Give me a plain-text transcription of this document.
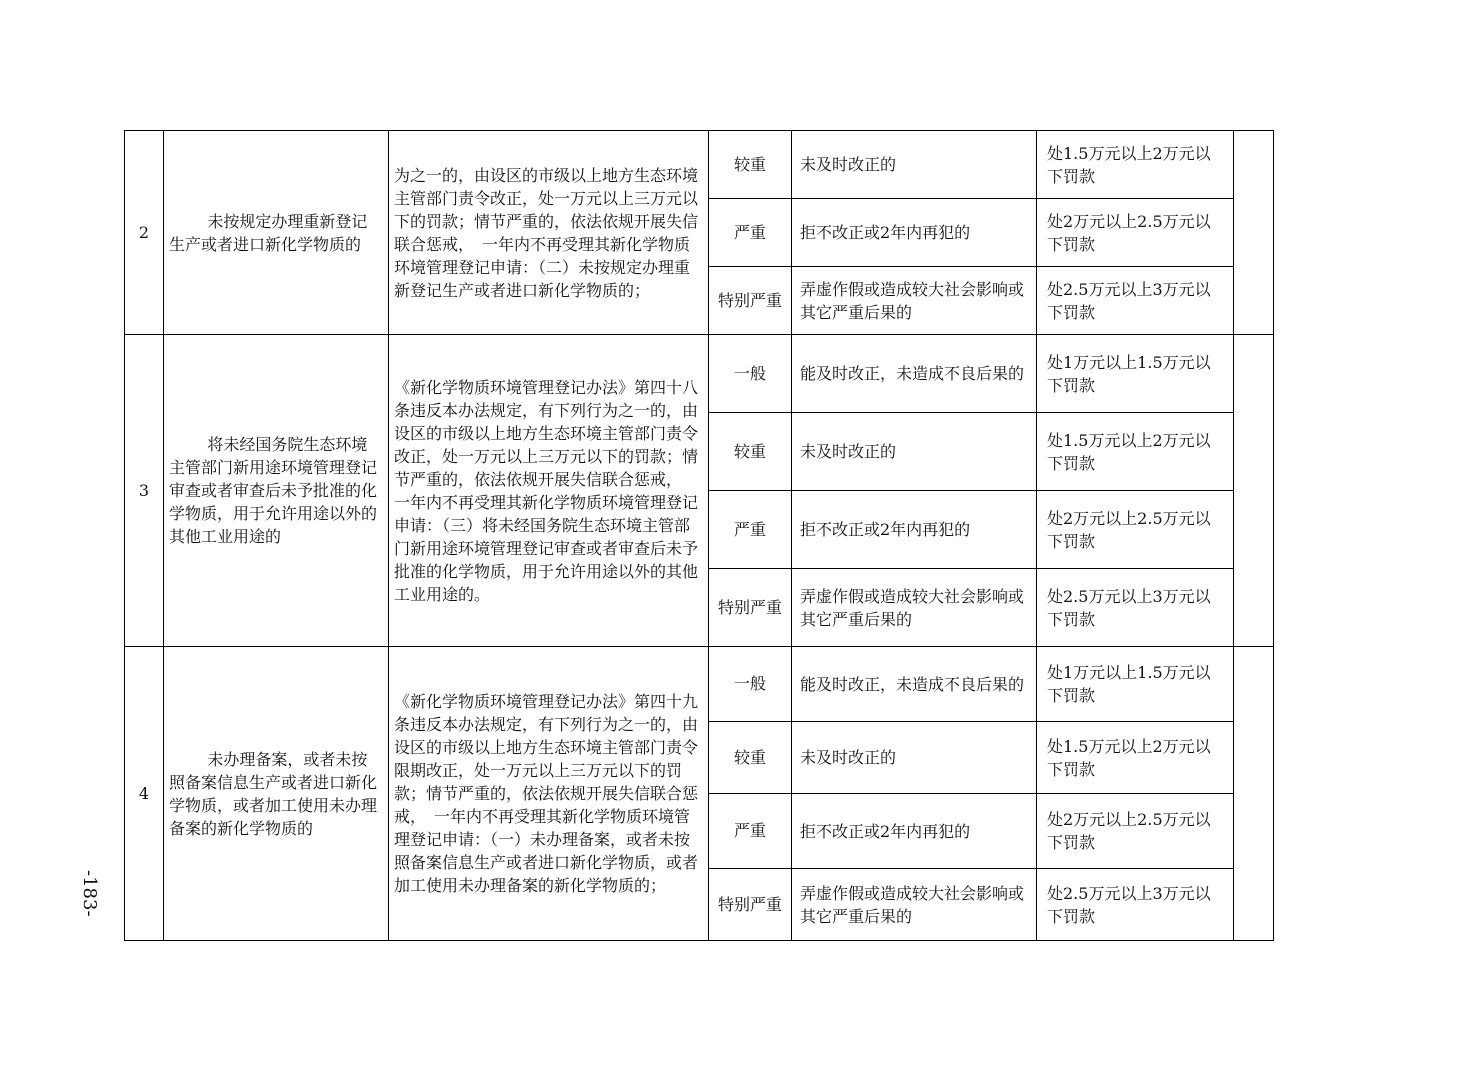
2	未按规定办理重新登记生产或者进口新化学物质的	为之一的，由设区的市级以上地方生态环境主管部门责令改正，处一万元以上三万元以下的罚款；情节严重的，依法依规开展失信联合惩戒，　一年内不再受理其新化学物质环境管理登记申请：（二）未按规定办理重新登记生产或者进口新化学物质的；	较重	未及时改正的	处1.5万元以上2万元以下罚款	
			严重	拒不改正或2年内再犯的	处2万元以上2.5万元以下罚款	
			特别严重	弄虚作假或造成较大社会影响或其它严重后果的	处2.5万元以上3万元以下罚款	
3	将未经国务院生态环境主管部门新用途环境管理登记审查或者审查后未予批准的化学物质，用于允许用途以外的其他工业用途的	《新化学物质环境管理登记办法》第四十八条违反本办法规定，有下列行为之一的，由设区的市级以上地方生态环境主管部门责令改正，处一万元以上三万元以下的罚款；情节严重的，依法依规开展失信联合惩戒，　一年内不再受理其新化学物质环境管理登记申请：（三）将未经国务院生态环境主管部门新用途环境管理登记审查或者审查后未予批准的化学物质，用于允许用途以外的其他工业用途的。	一般	能及时改正，未造成不良后果的	处1万元以上1.5万元以下罚款	
			较重	未及时改正的	处1.5万元以上2万元以下罚款	
			严重	拒不改正或2年内再犯的	处2万元以上2.5万元以下罚款	
			特别严重	弄虚作假或造成较大社会影响或其它严重后果的	处2.5万元以上3万元以下罚款	
4	未办理备案，或者未按照备案信息生产或者进口新化学物质，或者加工使用未办理备案的新化学物质的	《新化学物质环境管理登记办法》第四十九条违反本办法规定，有下列行为之一的，由设区的市级以上地方生态环境主管部门责令限期改正，处一万元以上三万元以下的罚款；情节严重的，依法依规开展失信联合惩戒，　一年内不再受理其新化学物质环境管理登记申请：（一）未办理备案，或者未按照备案信息生产或者进口新化学物质，或者加工使用未办理备案的新化学物质的；	一般	能及时改正，未造成不良后果的	处1万元以上1.5万元以下罚款	
			较重	未及时改正的	处1.5万元以上2万元以下罚款	
			严重	拒不改正或2年内再犯的	处2万元以上2.5万元以下罚款	
			特别严重	弄虚作假或造成较大社会影响或其它严重后果的	处2.5万元以上3万元以下罚款	
-183-
